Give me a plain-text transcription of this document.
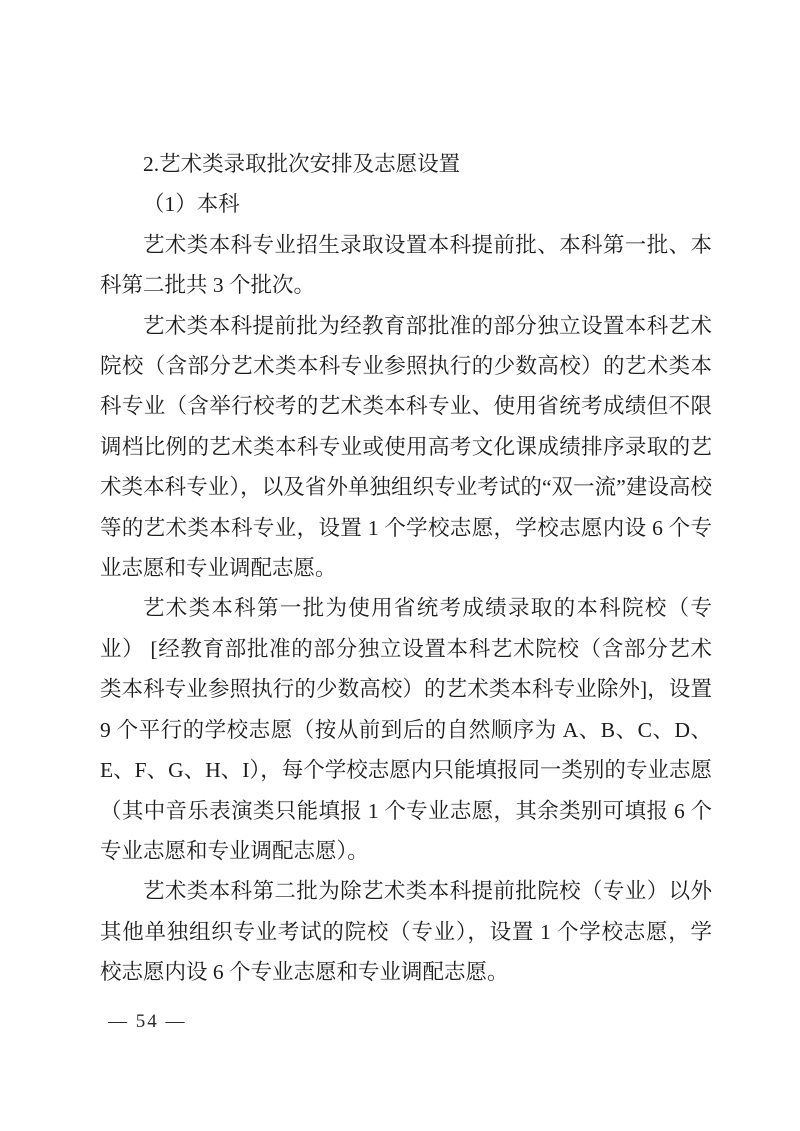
2.艺术类录取批次安排及志愿设置

（1）本科

艺术类本科专业招生录取设置本科提前批、本科第一批、本科第二批共 3 个批次。

艺术类本科提前批为经教育部批准的部分独立设置本科艺术院校（含部分艺术类本科专业参照执行的少数高校）的艺术类本科专业（含举行校考的艺术类本科专业、使用省统考成绩但不限调档比例的艺术类本科专业或使用高考文化课成绩排序录取的艺术类本科专业），以及省外单独组织专业考试的“双一流”建设高校等的艺术类本科专业，设置 1 个学校志愿，学校志愿内设 6 个专业志愿和专业调配志愿。

艺术类本科第一批为使用省统考成绩录取的本科院校（专业） [经教育部批准的部分独立设置本科艺术院校（含部分艺术类本科专业参照执行的少数高校）的艺术类本科专业除外]，设置 9 个平行的学校志愿（按从前到后的自然顺序为 A、B、C、D、E、F、G、H、I），每个学校志愿内只能填报同一类别的专业志愿（其中音乐表演类只能填报 1 个专业志愿，其余类别可填报 6 个专业志愿和专业调配志愿）。

艺术类本科第二批为除艺术类本科提前批院校（专业）以外其他单独组织专业考试的院校（专业），设置 1 个学校志愿，学校志愿内设 6 个专业志愿和专业调配志愿。

— 54 —
